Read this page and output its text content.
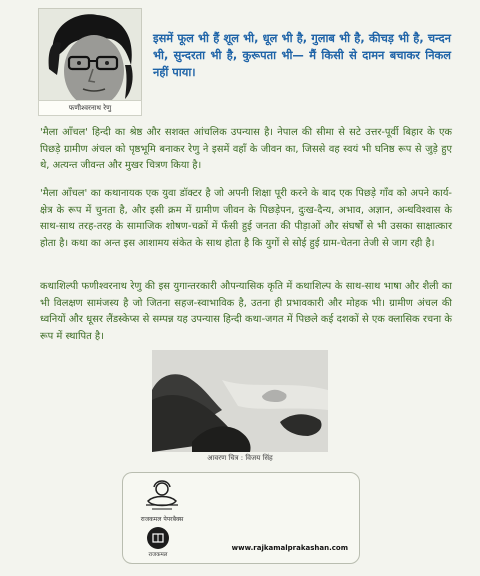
फणीश्वरनाथ रेणु
इसमें फूल भी हैं शूल भी, धूल भी है, गुलाब भी है, कीचड़ भी है, चन्दन भी, सुन्दरता भी है, कुरूपता भी— मैं किसी से दामन बचाकर निकल नहीं पाया।

'मैला आँचल' हिन्दी का श्रेष्ठ और सशक्त आंचलिक उपन्यास है। नेपाल की सीमा से सटे उत्तर-पूर्वी बिहार के एक पिछड़े ग्रामीण अंचल को पृष्ठभूमि बनाकर रेणु ने इसमें वहाँ के जीवन का, जिससे वह स्वयं भी घनिष्ठ रूप से जुड़े हुए थे, अत्यन्त जीवन्त और मुखर चित्रण किया है।

'मैला आँचल' का कथानायक एक युवा डॉक्टर है जो अपनी शिक्षा पूरी करने के बाद एक पिछड़े गाँव को अपने कार्य-क्षेत्र के रूप में चुनता है, और इसी क्रम में ग्रामीण जीवन के पिछड़ेपन, दुःख-दैन्य, अभाव, अज्ञान, अन्धविश्वास के साथ-साथ तरह-तरह के सामाजिक शोषण-चक्रों में फँसी हुई जनता की पीड़ाओं और संघर्षों से भी उसका साक्षात्कार होता है। कथा का अन्त इस आशामय संकेत के साथ होता है कि युगों से सोई हुई ग्राम-चेतना तेजी से जाग रही है।

कथाशिल्पी फणीश्वरनाथ रेणु की इस युगान्तरकारी औपन्यासिक कृति में कथाशिल्प के साथ-साथ भाषा और शैली का भी विलक्षण सामंजस्य है जो जितना सहज-स्वाभाविक है, उतना ही प्रभावकारी और मोहक भी। ग्रामीण अंचल की ध्वनियों और धूसर लैंडस्केप्स से सम्पन्न यह उपन्यास हिन्दी कथा-जगत में पिछले कई दशकों से एक क्लासिक रचना के रूप में स्थापित है।

आवरण चित्र : विजय सिंह
राजकमल पेपरबैक्स
राजकमल
www.rajkamalprakashan.com
